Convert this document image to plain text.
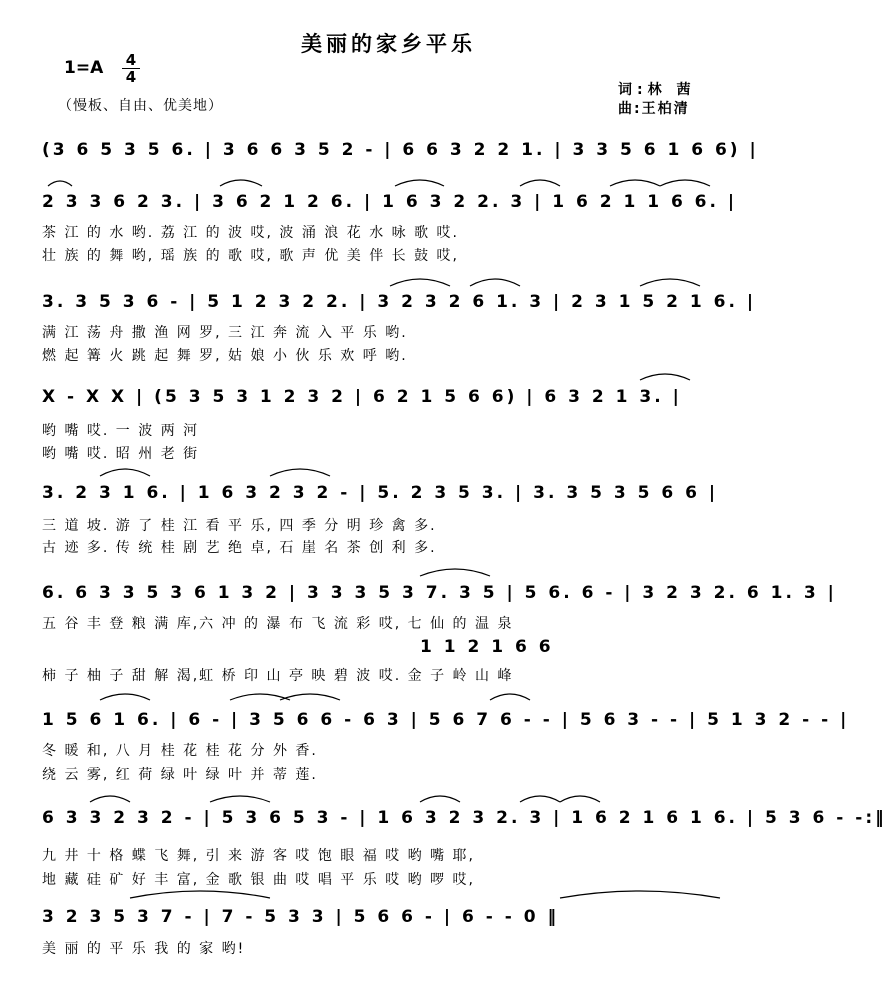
美丽的家乡平乐
1=A 4
4
（慢板、自由、优美地）
词:林 茜
曲:王柏清
(3 6 5 3 5 6. | 3 6 6 3 5 2 - | 6 6 3 2 2 1. | 3 3 5 6 1 6 6) |
2 3 3 6 2 3. | 3 6 2 1 2 6. | 1 6 3 2 2. 3 | 1 6 2 1 1 6 6. |
茶 江 的 水 哟. 荔 江 的 波 哎, 波 涌 浪 花 水 咏 歌 哎.
壮 族 的 舞 哟, 瑶 族 的 歌 哎, 歌 声 优 美 伴 长 鼓 哎,
3. 3 5 3 6 - | 5 1 2 3 2 2. | 3 2 3 2 6 1. 3 | 2 3 1 5 2 1 6. |
满 江 荡 舟 撒 渔 网 罗, 三 江 奔 流 入 平 乐 哟.
燃 起 篝 火 跳 起 舞 罗, 姑 娘 小 伙 乐 欢 呼 哟.
X - X X | (5 3 5 3 1 2 3 2 | 6 2 1 5 6 6) | 6 3 2 1 3. |
哟 嘴 哎. 一 波 两 河
哟 嘴 哎. 昭 州 老 街
3. 2 3 1 6. | 1 6 3 2 3 2 - | 5. 2 3 5 3. | 3. 3 5 3 5 6 6 |
三 道 坡. 游 了 桂 江 看 平 乐, 四 季 分 明 珍 禽 多.
古 迹 多. 传 统 桂 剧 艺 绝 卓, 石 崖 名 茶 创 利 多.
6. 6 3 3 5 3 6 1 3 2 | 3 3 3 5 3 7. 3 5 | 5 6. 6 - | 3 2 3 2. 6 1. 3 |
五 谷 丰 登 粮 满 库,六 冲 的 瀑 布 飞 流 彩 哎, 七 仙 的 温 泉
1 1 2 1 6 6
柿 子 柚 子 甜 解 渴,虹 桥 印 山 亭 映 碧 波 哎. 金 子 岭 山 峰
1 5 6 1 6. | 6 - | 3 5 6 6 - 6 3 | 5 6 7 6 - - | 5 6 3 - - | 5 1 3 2 - - |
冬 暖 和, 八 月 桂 花 桂 花 分 外 香.
绕 云 雾, 红 荷 绿 叶 绿 叶 并 蒂 莲.
6 3 3 2 3 2 - | 5 3 6 5 3 - | 1 6 3 2 3 2. 3 | 1 6 2 1 6 1 6. | 5 3 6 - -:‖
九 井 十 格 蝶 飞 舞, 引 来 游 客 哎 饱 眼 福 哎 哟 嘴 耶,
地 藏 硅 矿 好 丰 富, 金 歌 银 曲 哎 唱 平 乐 哎 哟 啰 哎,
3 2 3 5 3 7 - | 7 - 5 3 3 | 5 6 6 - | 6 - - 0 ‖
美 丽 的 平 乐 我 的 家 哟!
